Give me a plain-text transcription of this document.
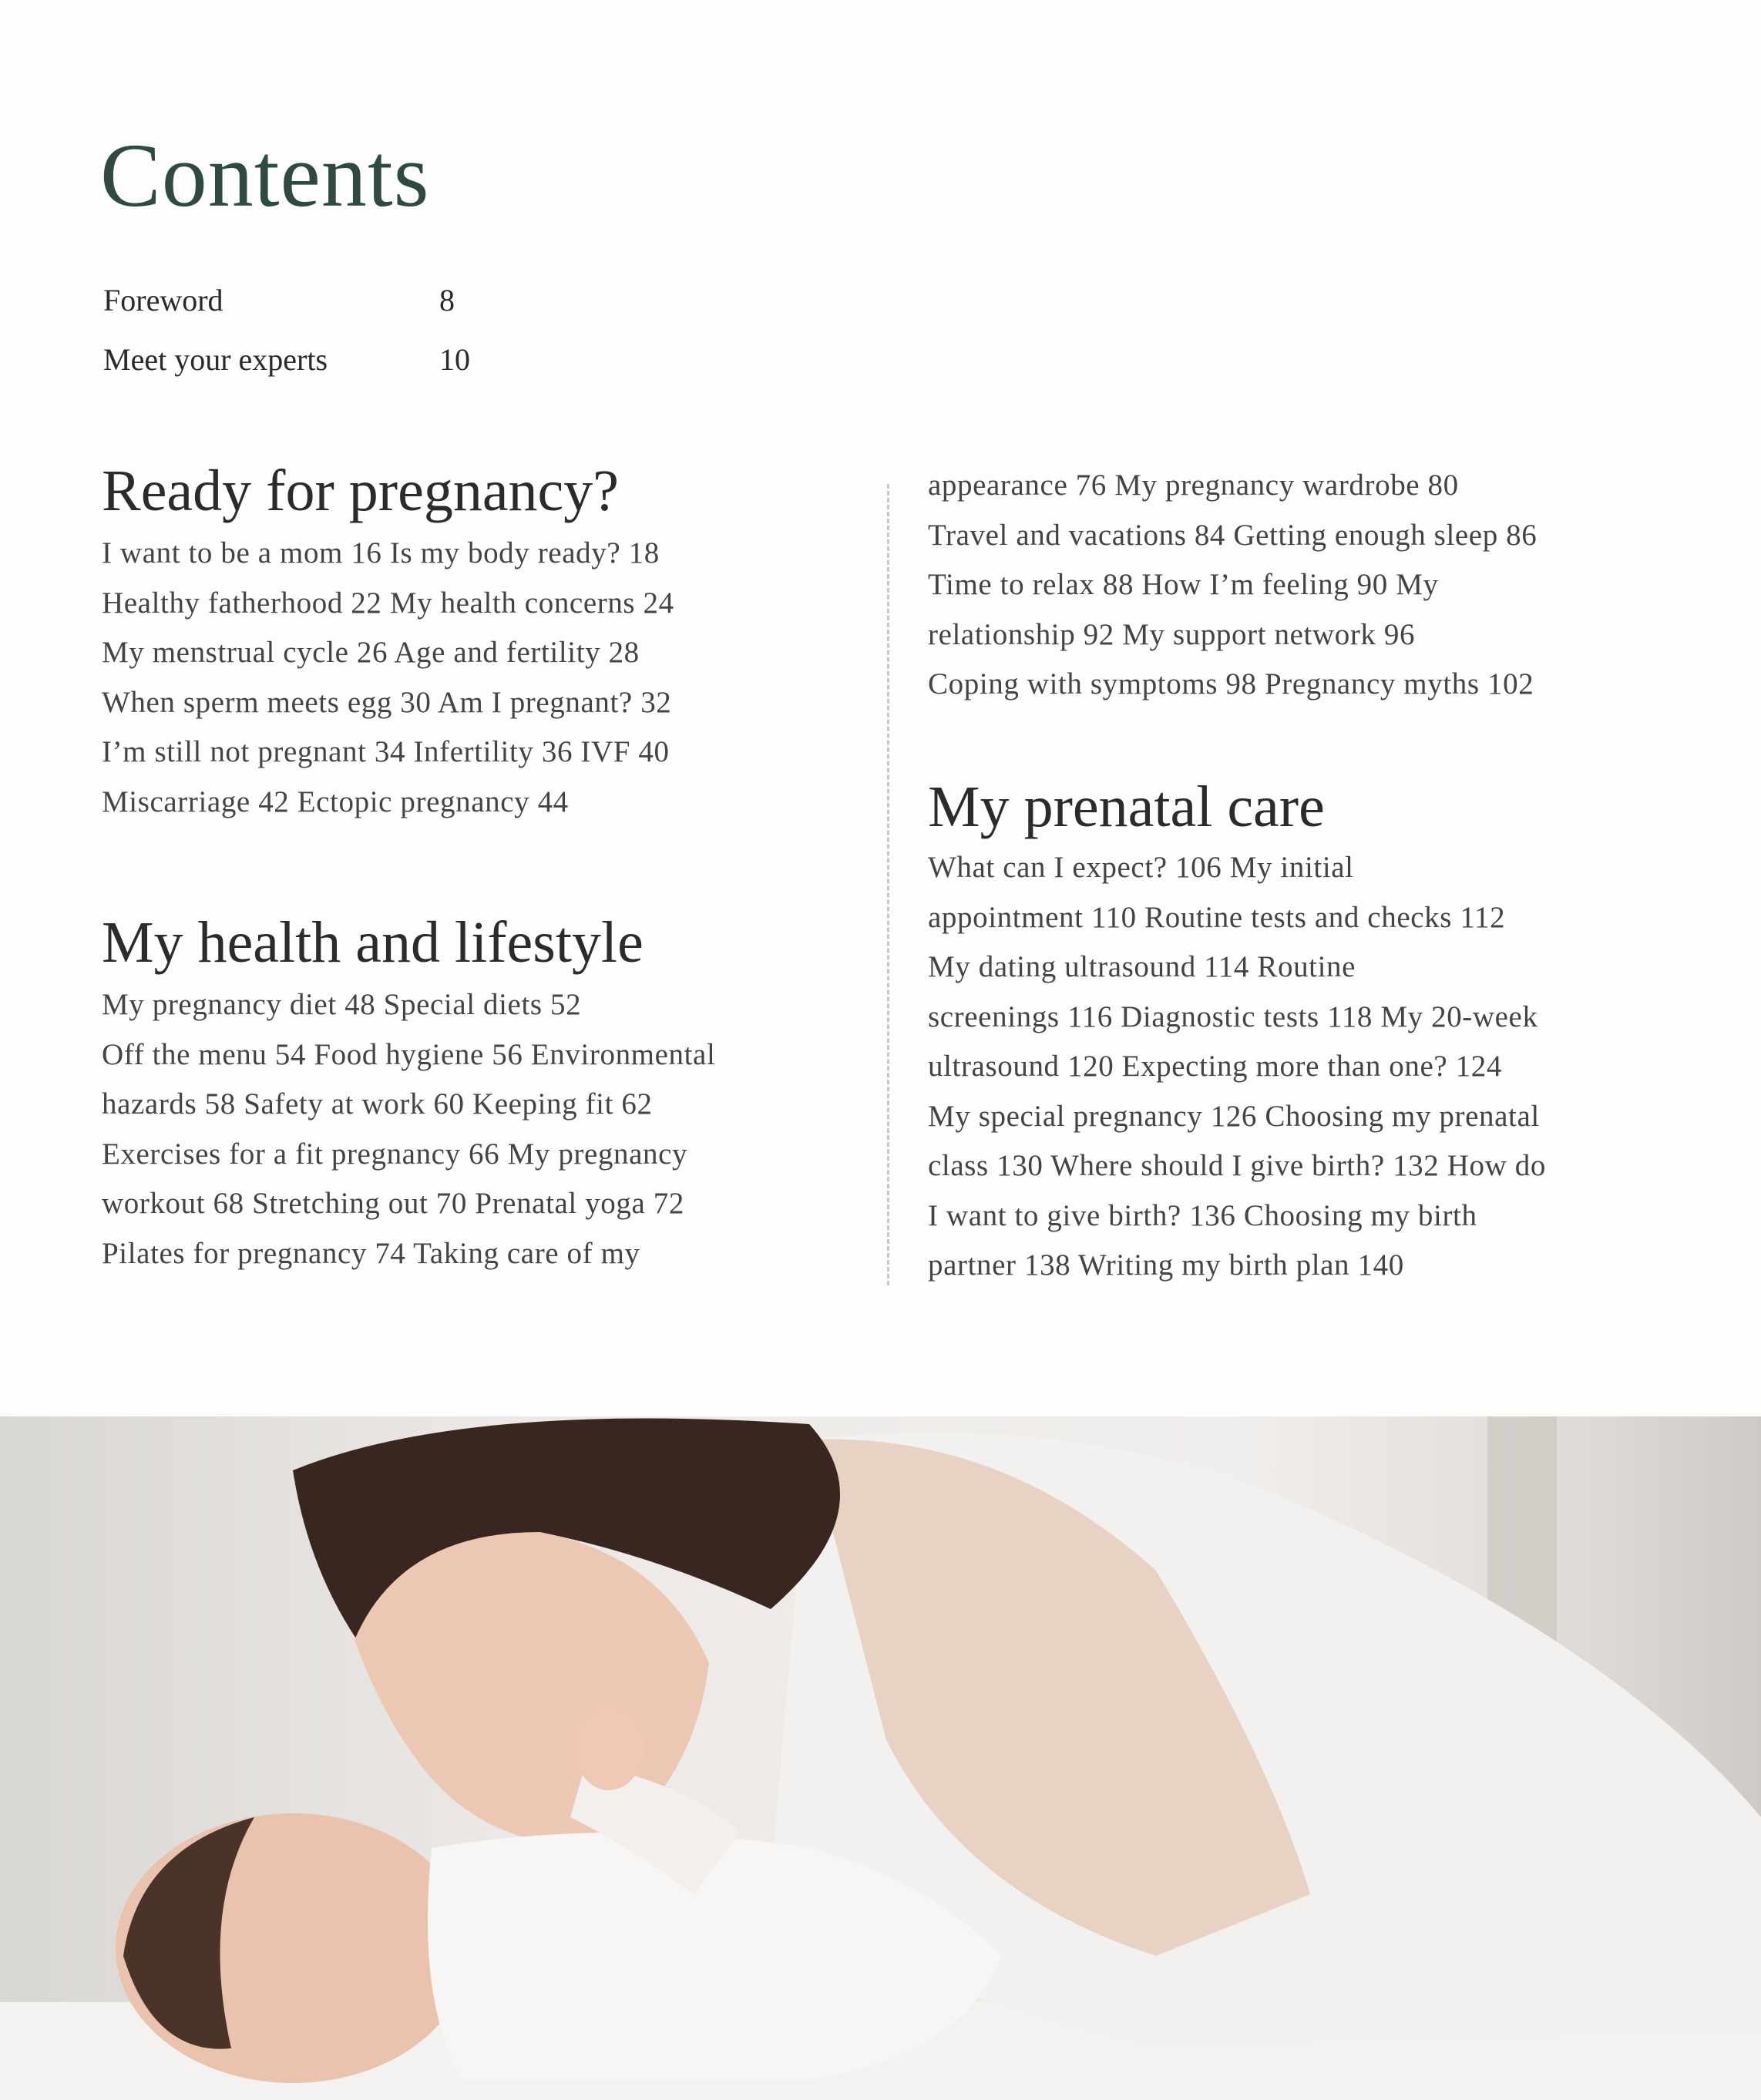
Contents
Foreword	8
Meet your experts	10
Ready for pregnancy?
I want to be a mom 16 Is my body ready? 18
Healthy fatherhood 22 My health concerns 24
My menstrual cycle 26 Age and fertility 28
When sperm meets egg 30 Am I pregnant? 32
I’m still not pregnant 34 Infertility 36 IVF 40
Miscarriage 42 Ectopic pregnancy 44
My health and lifestyle
My pregnancy diet 48 Special diets 52
Off the menu 54 Food hygiene 56 Environmental
hazards 58 Safety at work 60 Keeping fit 62
Exercises for a fit pregnancy 66 My pregnancy
workout 68 Stretching out 70 Prenatal yoga 72
Pilates for pregnancy 74 Taking care of my
appearance 76 My pregnancy wardrobe 80
Travel and vacations 84 Getting enough sleep 86
Time to relax 88 How I’m feeling 90 My
relationship 92 My support network 96
Coping with symptoms 98 Pregnancy myths 102
My prenatal care
What can I expect? 106 My initial
appointment 110 Routine tests and checks 112
My dating ultrasound 114 Routine
screenings 116 Diagnostic tests 118 My 20-week
ultrasound 120 Expecting more than one? 124
My special pregnancy 126 Choosing my prenatal
class 130 Where should I give birth? 132 How do
I want to give birth? 136 Choosing my birth
partner 138 Writing my birth plan 140
